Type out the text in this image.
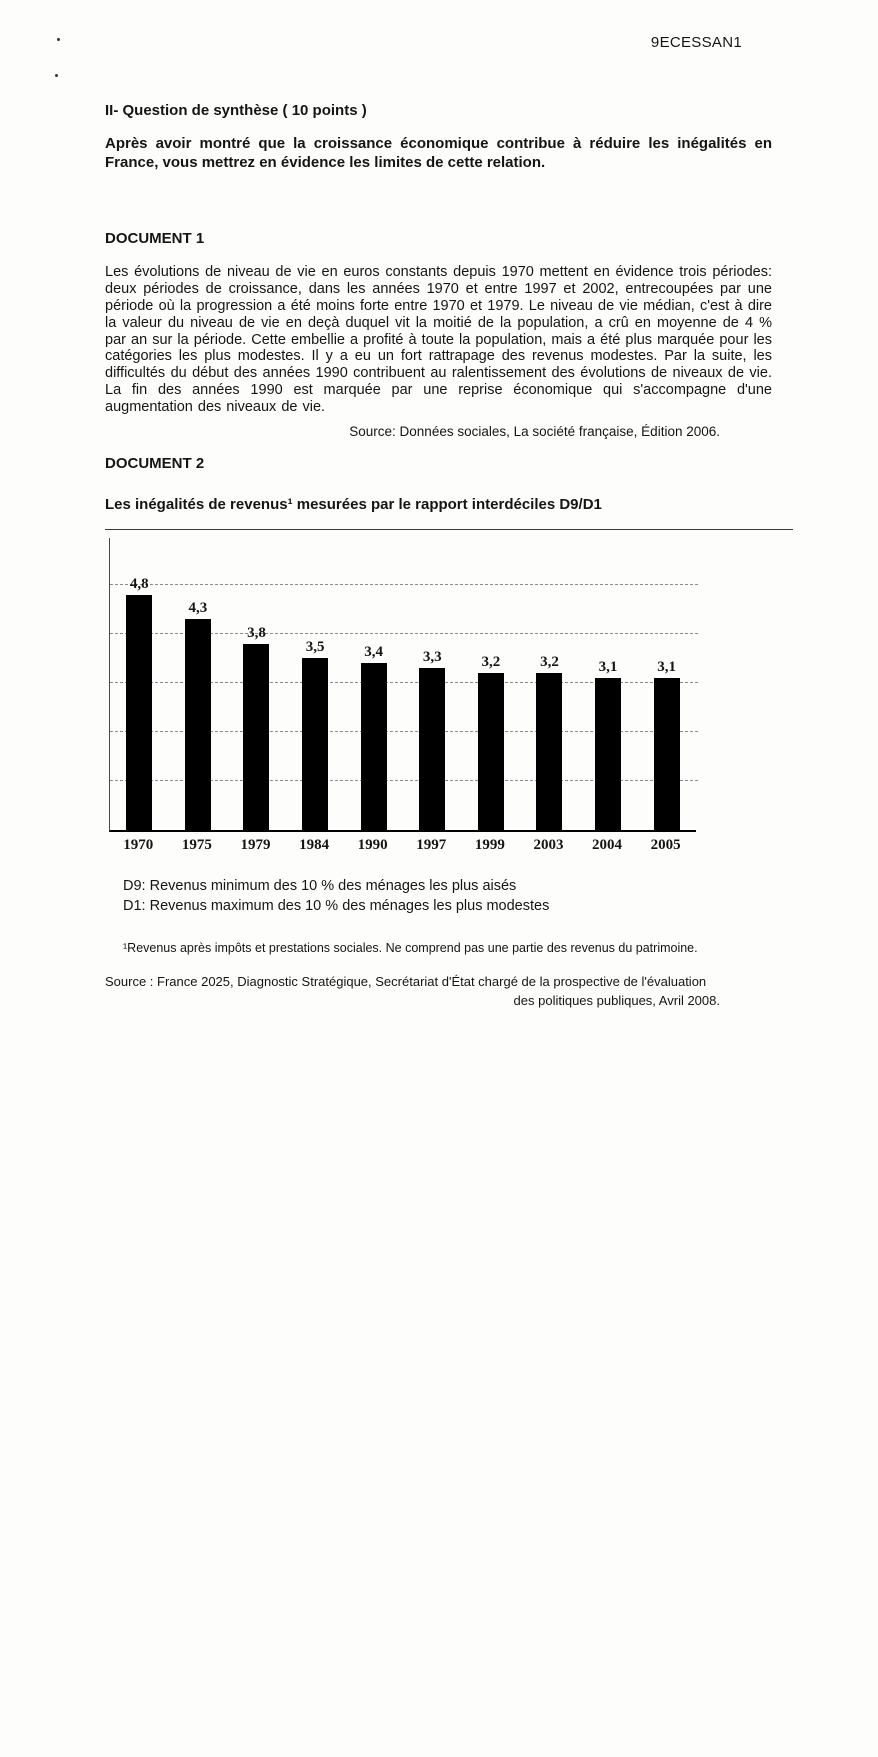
9ECESSAN1

II- Question de synthèse ( 10 points )

Après avoir montré que la croissance économique contribue à réduire les inégalités en France, vous mettrez en évidence les limites de cette relation.

DOCUMENT 1

Les évolutions de niveau de vie en euros constants depuis 1970 mettent en évidence trois périodes: deux périodes de croissance, dans les années 1970 et entre 1997 et 2002, entrecoupées par une période où la progression a été moins forte entre 1970 et 1979. Le niveau de vie médian, c'est à dire la valeur du niveau de vie en deçà duquel vit la moitié de la population, a crû en moyenne de 4 % par an sur la période. Cette embellie a profité à toute la population, mais a été plus marquée pour les catégories les plus modestes. Il y a eu un fort rattrapage des revenus modestes. Par la suite, les difficultés du début des années 1990 contribuent au ralentissement des évolutions de niveaux de vie. La fin des années 1990 est marquée par une reprise économique qui s'accompagne d'une augmentation des niveaux de vie.

Source: Données sociales, La société française, Édition 2006.

DOCUMENT 2

Les inégalités de revenus¹ mesurées par le rapport interdéciles D9/D1

4,8
4,3
3,8
3,5	3,4	3,3	3,2	3,2	3,1	3,1
1970	1975	1979	1984	1990	1997	1999	2003	2004	2005
D9: Revenus minimum des 10 % des ménages les plus aisés
D1: Revenus maximum des 10 % des ménages les plus modestes

¹Revenus après impôts et prestations sociales. Ne comprend pas une partie des revenus du patrimoine.

Source : France 2025, Diagnostic Stratégique, Secrétariat d'État chargé de la prospective de l'évaluation
des politiques publiques, Avril 2008.
